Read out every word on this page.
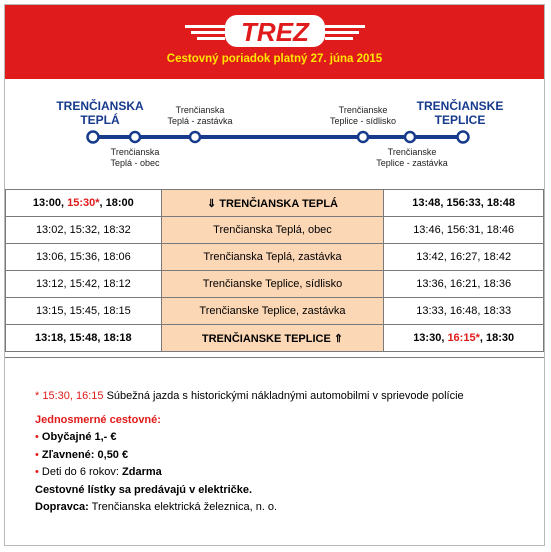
TREZ
Cestovný poriadok platný 27. júna 2015
TRENČIANSKA
TEPLÁ
TRENČIANSKE
TEPLICE
Trenčianska
Teplá - obec
Trenčianska
Teplá - zastávka
Trenčianske
Teplice - sídlisko
Trenčianske
Teplice - zastávka
13:00, 15:30*, 18:00	⇓ TRENČIANSKA TEPLÁ	13:48, 156:33, 18:48
13:02, 15:32, 18:32	Trenčianska Teplá, obec	13:46, 156:31, 18:46
13:06, 15:36, 18:06	Trenčianska Teplá, zastávka	13:42, 16:27, 18:42
13:12, 15:42, 18:12	Trenčianske Teplice, sídlisko	13:36, 16:21, 18:36
13:15, 15:45, 18:15	Trenčianske Teplice, zastávka	13:33, 16:48, 18:33
13:18, 15:48, 18:18	TRENČIANSKE TEPLICE ⇑	13:30, 16:15*, 18:30
* 15:30, 16:15 Súbežná jazda s historickými nákladnými automobilmi v sprievode polície
Jednosmerné cestovné:
• Obyčajné 1,- €
• Zľavnené: 0,50 €
• Deti do 6 rokov: Zdarma
Cestovné lístky sa predávajú v električke.
Dopravca: Trenčianska elektrická železnica, n. o.
